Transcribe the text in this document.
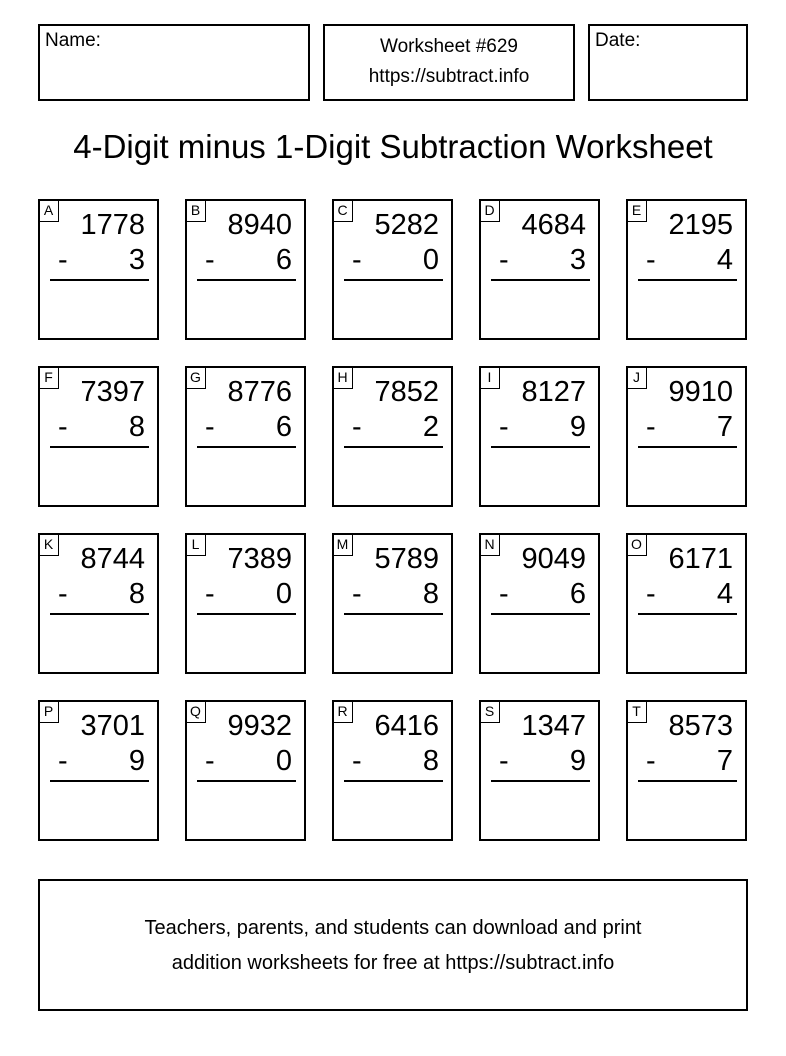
Name:	Worksheet #629
https://subtract.info
Date:
4-Digit minus 1-Digit Subtraction Worksheet
A 1778
- 3
B 8940
- 6
C 5282
- 0
D 4684
- 3
E 2195
- 4
F 7397
- 8
G 8776
- 6
H 7852
- 2
I 8127
- 9
J 9910
- 7
K 8744
- 8
L 7389
- 0
M 5789
- 8
N 9049
- 6
O 6171
- 4
P 3701
- 9
Q 9932
- 0
R 6416
- 8
S 1347
- 9
T 8573
- 7
Teachers, parents, and students can download and print
addition worksheets for free at https://subtract.info
